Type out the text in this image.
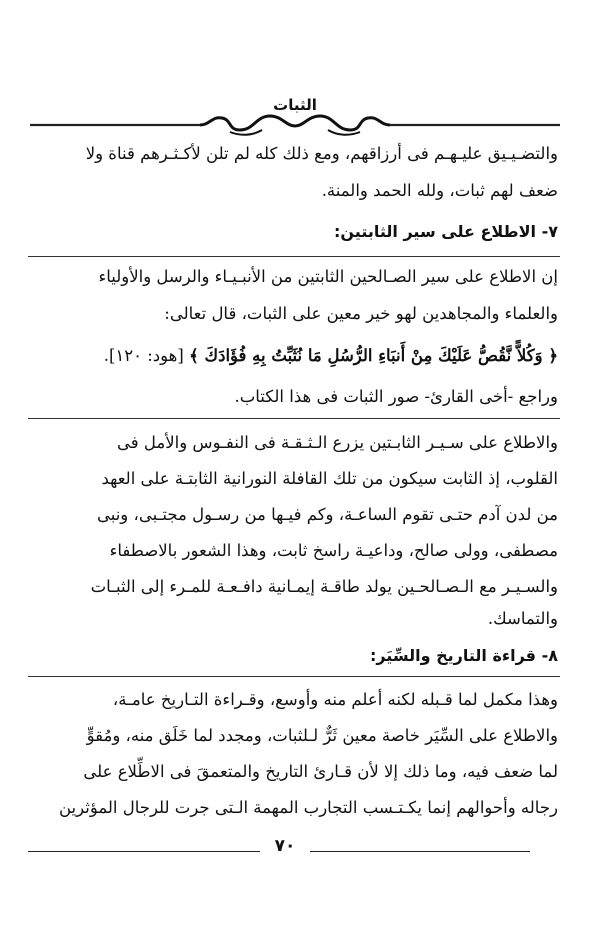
الثبات
والتضـيـيق عليـهـم فى أرزاقهم، ومع ذلك كله لم تلن لأكـثـرهم قناة ولا
ضعف لهم ثبات، ولله الحمد والمنة.
٧- الاطلاع على سير الثابتين:
إن الاطلاع على سير الصـالحين الثابتين من الأنبـيـاء والرسل والأولياء
والعلماء والمجاهدين لهو خير معين على الثبات، قال تعالى:
﴿ وَكُلاًّ نَّقُصُّ عَلَيْكَ مِنْ أَنبَاءِ الرُّسُلِ مَا نُثَبِّتُ بِهِ فُؤَادَكَ ﴾ [هود: ١٢٠].
وراجع -أخى القارئ- صور الثبات فى هذا الكتاب.
والاطلاع على سـيـر الثابـتين يزرع الـثـقـة فى النفـوس والأمل فى
القلوب، إذ الثابت سيكون من تلك القافلة النورانية الثابتـة على العهد
من لدن آدم حتـى تقوم الساعـة، وكم فيـها من رسـول مجتـبى، ونبى
مصطفى، وولى صالح، وداعيـة راسخ ثابت، وهذا الشعور بالاصطفاء
والسـيـر مع الـصـالحـين يولد طاقـة إيمـانية دافـعـة للمـرء إلى الثبـات
والتماسك.
٨- قراءة التاريخ والسِّيَر:
وهذا مكمل لما قـبله لكنه أعلم منه وأوسع، وقـراءة التـاريخ عامـة،
والاطلاع على السِّيَر خاصة معين ثَرٌّ لـلثبات، ومجدد لما خَلَق منه، ومُقوٍّ
لما ضعف فيه، وما ذلك إلا لأن قـارئ التاريخ والمتعمقَ فى الاطِّلاع على
رجاله وأحوالهم إنما يكـتـسب التجارب المهمة الـتى جرت للرجال المؤثرين
٧٠
